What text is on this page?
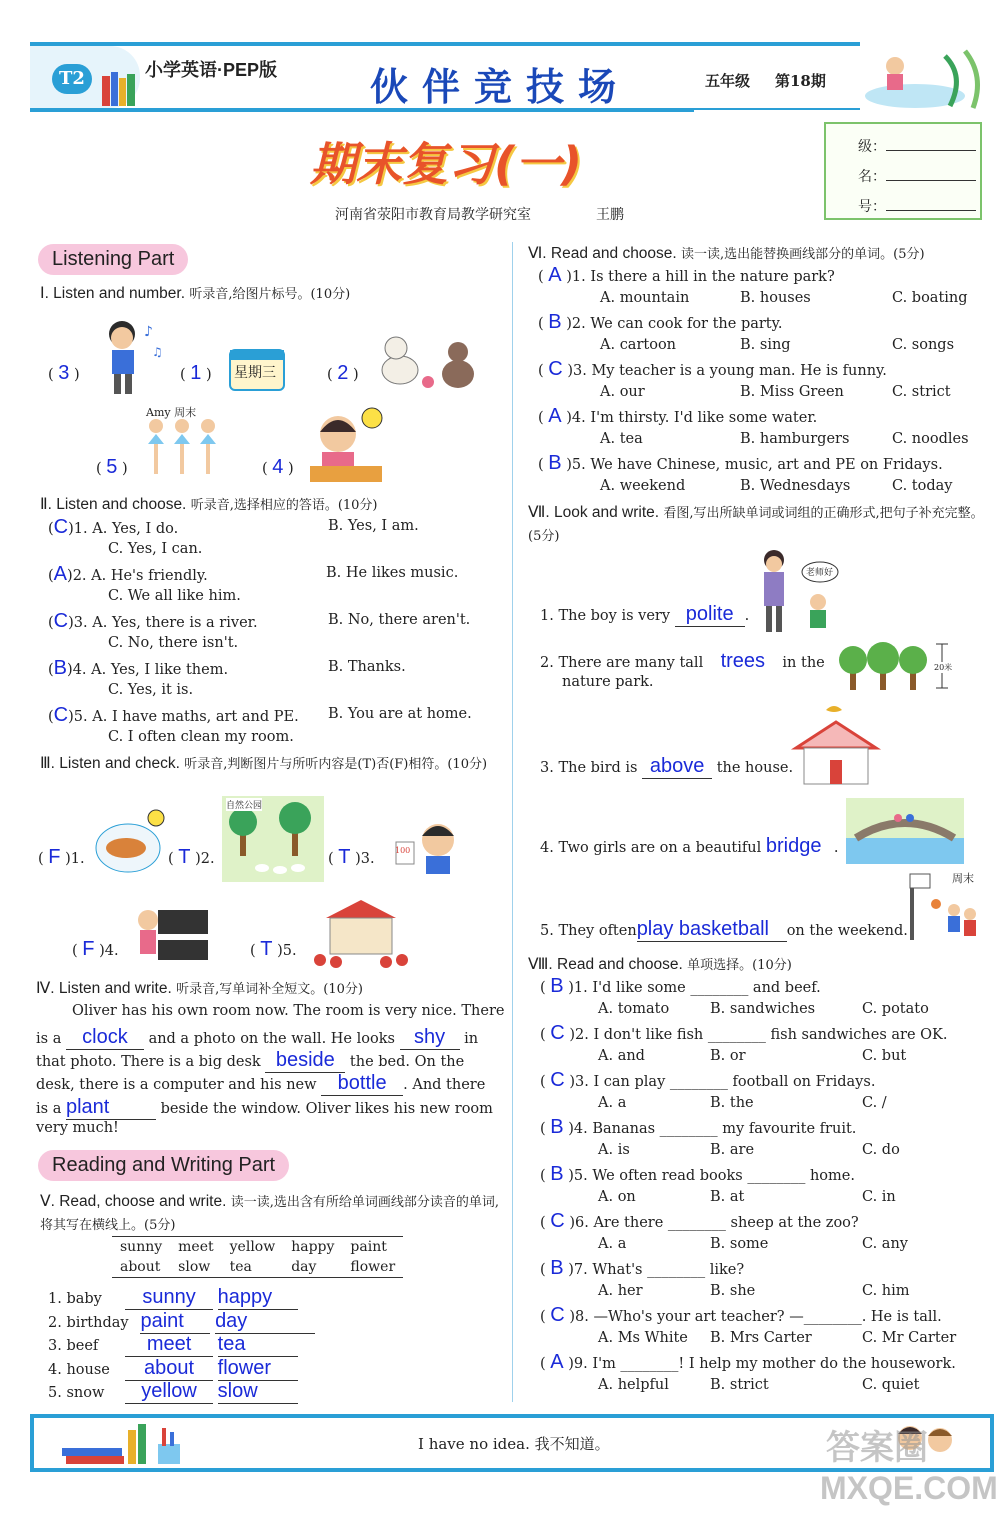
T2	小学英语·PEP版 伙伴竞技场	五年级 第18期
级：
名：
号：
期末复习(一)
河南省荥阳市教育局教学研究室	王鹏
Listening Part
Ⅰ. Listen and number. 听录音,给图片标号。(10分)
( 3 )
♪
♫
( 1 ) 星期三	( 2 )
( 5 )
Amy 周末
( 4 )
Ⅱ. Listen and choose. 听录音,选择相应的答语。(10分)
(C)1. A. Yes, I do.	B. Yes, I am.
C. Yes, I can.
(A)2. A. He's friendly.	B. He likes music.
C. We all like him.
(C)3. A. Yes, there is a river.	B. No, there aren't.
C. No, there isn't.
(B)4. A. Yes, I like them.	B. Thanks.
C. Yes, it is.
(C)5. A. I have maths, art and PE. B. You are at home.
C. I often clean my room.
Ⅲ. Listen and check. 听录音,判断图片与所听内容是(T)否(F)相符。(10分)
( F )1.	( T )2.
自然公园
( T )3.
100
( F )4.	( T )5.
Ⅳ. Listen and write. 听录音,写单词补全短文。(10分)
Oliver has his own room now. The room is very nice. There
is a clock and a photo on the wall. He looks shy in
that photo. There is a big desk beside the bed. On the
desk, there is a computer and his new bottle . And there
is a plant	beside the window. Oliver likes his new room
very much!
Reading and Writing Part
Ⅴ. Read, choose and write. 读一读,选出含有所给单词画线部分读音的单词,将其写在横线上。(5分)
sunny	meet	yellow	happy	paint
about	slow	tea	day	flower
1. baby sunny happy
2. birthday paint day
3. beef meet tea
4. house about flower
5. snow yellow slow
Ⅵ. Read and choose. 读一读,选出能替换画线部分的单词。(5分)
( A )1. Is there a hill in the nature park?
A. mountain	B. houses	C. boating
( B )2. We can cook for the party.
A. cartoon	B. sing	C. songs
( C )3. My teacher is a young man. He is funny.
A. our	B. Miss Green	C. strict
( A )4. I'm thirsty. I'd like some water.
A. tea	B. hamburgers	C. noodles
( B )5. We have Chinese, music, art and PE on Fridays.
A. weekend	B. Wednesdays	C. today
Ⅶ. Look and write. 看图,写出所缺单词或词组的正确形式,把句子补充完整。(5分)
1. The boy is very polite .
老师好
2. There are many tall trees in the
nature park.
20米
3. The bird is above the house.
4. Two girls are on a beautiful bridge .
5. They oftenplay basketball on the weekend.
周末
Ⅷ. Read and choose. 单项选择。(10分)
( B )1. I'd like some ________ and beef.
A. tomato	B. sandwiches	C. potato
( C )2. I don't like fish ________ fish sandwiches are OK.
A. and	B. or	C. but
( C )3. I can play ________ football on Fridays.
A. a	B. the	C. /
( B )4. Bananas ________ my favourite fruit.
A. is	B. are	C. do
( B )5. We often read books ________ home.
A. on	B. at	C. in
( C )6. Are there ________ sheep at the zoo?
A. a	B. some	C. any
( B )7. What's ________ like?
A. her	B. she	C. him
( C )8. —Who's your art teacher? —________. He is tall.
A. Ms White B. Mrs Carter	C. Mr Carter
( A )9. I'm ________! I help my mother do the housework.
A. helpful	B. strict	C. quiet
I have no idea. 我不知道。	答案圈
MXQE.COM
